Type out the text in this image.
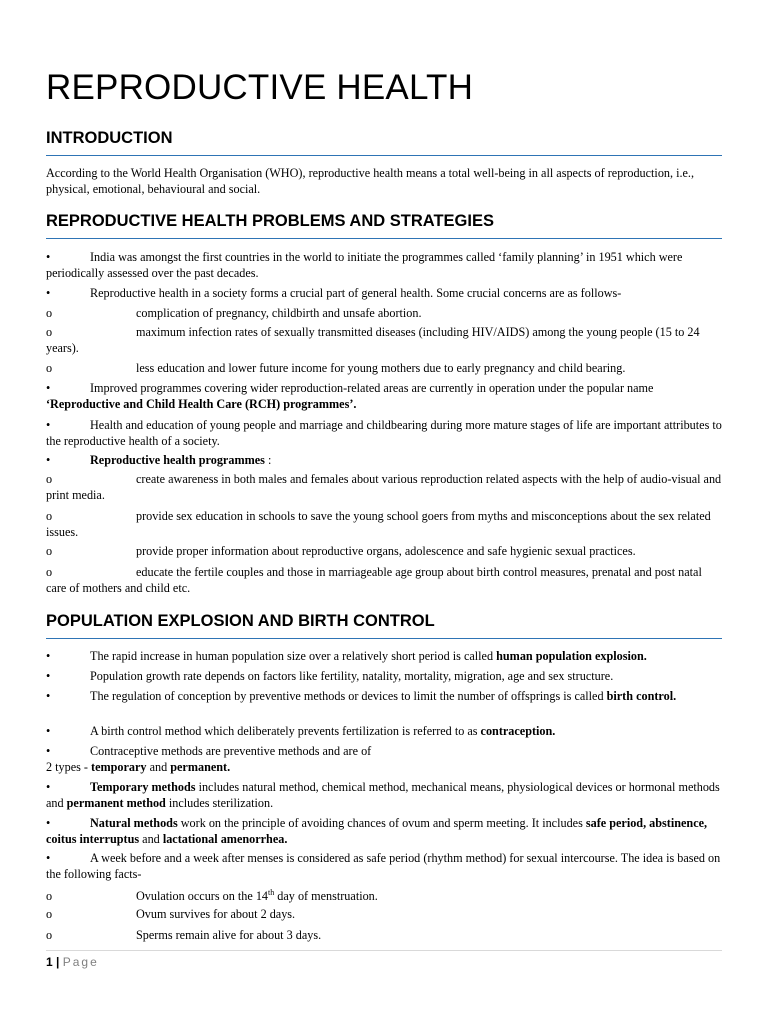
REPRODUCTIVE HEALTH
INTRODUCTION
According to the World Health Organisation (WHO), reproductive health means a total well-being in all aspects of reproduction, i.e., physical, emotional, behavioural and social.
REPRODUCTIVE HEALTH PROBLEMS AND STRATEGIES
•	India was amongst the first countries in the world to initiate the programmes called ‘family planning’ in 1951 which were periodically assessed over the past decades.
•	Reproductive health in a society forms a crucial part of general health. Some crucial concerns are as follows-
o	complication of pregnancy, childbirth and unsafe abortion.
o	maximum infection rates of sexually transmitted diseases (including HIV/AIDS) among the young people (15 to 24 years).
o	less education and lower future income for young mothers due to early pregnancy and child bearing.
•	Improved programmes covering wider reproduction-related areas are currently in operation under the popular name ‘Reproductive and Child Health Care (RCH) programmes’.
•	Health and education of young people and marriage and childbearing during more mature stages of life are important attributes to the reproductive health of a society.
•	Reproductive health programmes :
o	create awareness in both males and females about various reproduction related aspects with the help of audio-visual and print media.
o	provide sex education in schools to save the young school goers from myths and misconceptions about the sex related issues.
o	provide proper information about reproductive organs, adolescence and safe hygienic sexual practices.
o	educate the fertile couples and those in marriageable age group about birth control measures, prenatal and post natal care of mothers and child etc.
POPULATION EXPLOSION AND BIRTH CONTROL
•	The rapid increase in human population size over a relatively short period is called human population explosion.
•	Population growth rate depends on factors like fertility, natality, mortality, migration, age and sex structure.
•	The regulation of conception by preventive methods or devices to limit the number of offsprings is called birth control.
•	A birth control method which deliberately prevents fertilization is referred to as contraception.
•	Contraceptive methods are preventive methods and are of
2 types - temporary and permanent.
•	Temporary methods includes natural method, chemical method, mechanical means, physiological devices or hormonal methods and permanent method includes sterilization.
•	Natural methods work on the principle of avoiding chances of ovum and sperm meeting. It includes safe period, abstinence, coitus interruptus and lactational amenorrhea.
•	A week before and a week after menses is considered as safe period (rhythm method) for sexual intercourse. The idea is based on the following facts-
o	Ovulation occurs on the 14th day of menstruation.
o	Ovum survives for about 2 days.
o	Sperms remain alive for about 3 days.
1 | Page
